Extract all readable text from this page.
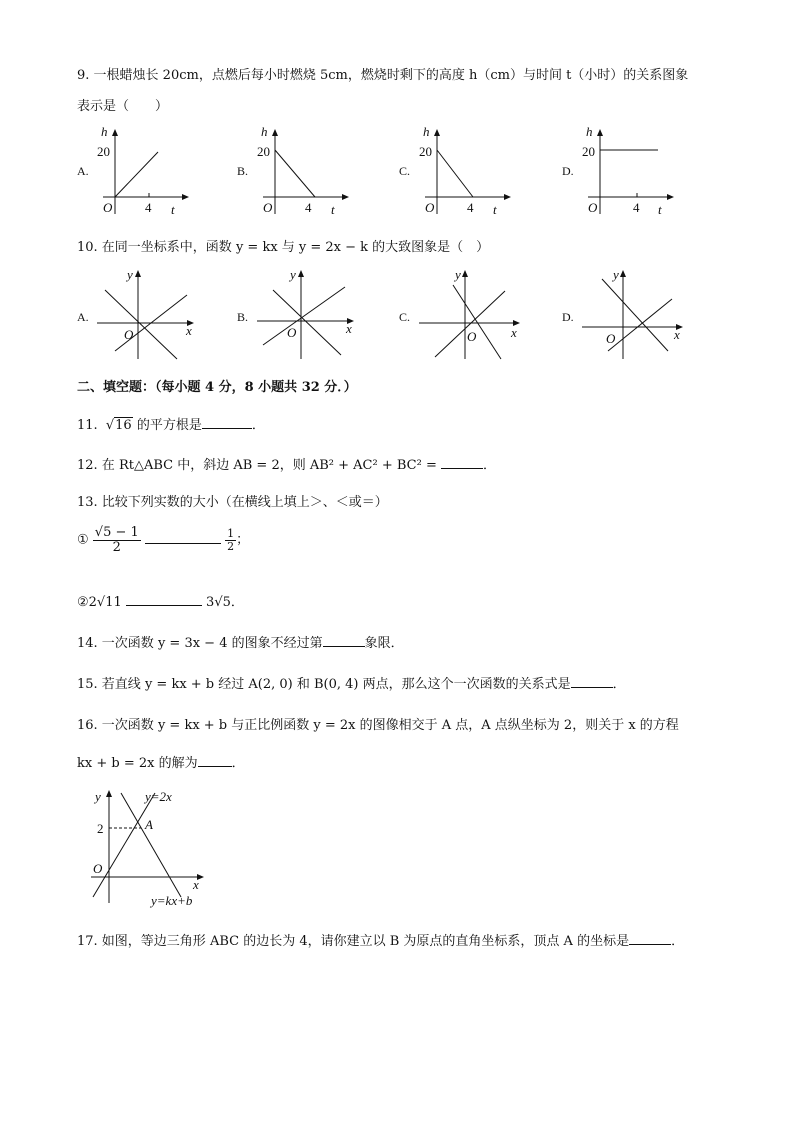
9. 一根蜡烛长 20cm，点燃后每小时燃烧 5cm，燃烧时剩下的高度 h（cm）与时间 t（小时）的关系图象
表示是（　　）
A.
h
20
O	4 t
B.
h
20
O	4 t
C.
h
20
O	4 t
D.
h
20
O	4 t
10. 在同一坐标系中，函数 y = kx 与 y = 2x − k 的大致图象是（　）
A.
y
O	x
B.
y
O	x
C.
y
O	x
D.
y
O	x
二、填空题：（每小题 4 分，8 小题共 32 分．）
11. √16 的平方根是	．
12. 在 Rt△ABC 中，斜边 AB = 2，则 AB² + AC² + BC² =	．
13. 比较下列实数的大小（在横线上填上＞、＜或＝）
① $\frac{√5 - 1}{2}$
	$\frac{1}{2}$ ；
②2√11	3√5．
14. 一次函数 y = 3x − 4 的图象不经过第	象限．
15. 若直线 y = kx + b 经过 A(2, 0) 和 B(0, 4) 两点，那么这个一次函数的关系式是	．
16. 一次函数 y = kx + b 与正比例函数 y = 2x 的图像相交于 A 点，A 点纵坐标为 2，则关于 x 的方程
kx + b = 2x 的解为	．
y
2
O
A
y=2x
x
y=kx+b
17. 如图，等边三角形 ABC 的边长为 4，请你建立以 B 为原点的直角坐标系，顶点 A 的坐标是	．
